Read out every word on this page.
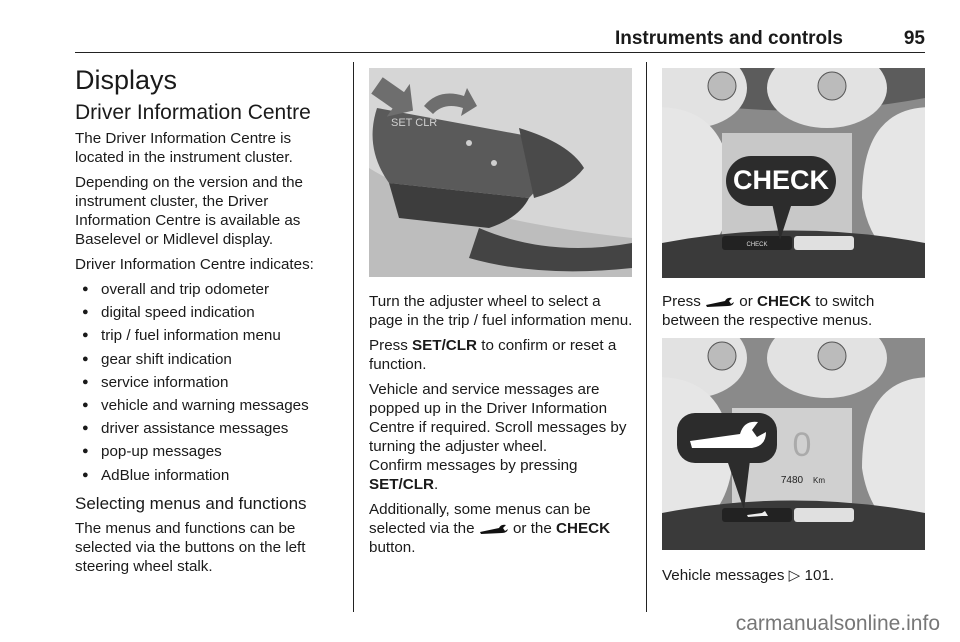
Instruments and controls	95
Displays
Driver Information Centre

The Driver Information Centre is located in the instrument cluster.

Depending on the version and the instrument cluster, the Driver Information Centre is available as Baselevel or Midlevel display.

Driver Information Centre indicates:

● overall and trip odometer
● digital speed indication
● trip / fuel information menu
● gear shift indication
● service information
● vehicle and warning messages
● driver assistance messages
● pop-up messages
● AdBlue information
Selecting menus and functions

The menus and functions can be selected via the buttons on the left steering wheel stalk.

SET CLR

Turn the adjuster wheel to select a page in the trip / fuel information menu.

Press SET/CLR to confirm or reset a function.

Vehicle and service messages are popped up in the Driver Information Centre if required. Scroll messages by turning the adjuster wheel.
Confirm messages by pressing SET/CLR.

Additionally, some menus can be selected via the  or the CHECK button.

CHECK
CHECK

Press  or CHECK to switch between the respective menus.

0
7480 Km

Vehicle messages ▷ 101.

carmanualsonline.info
